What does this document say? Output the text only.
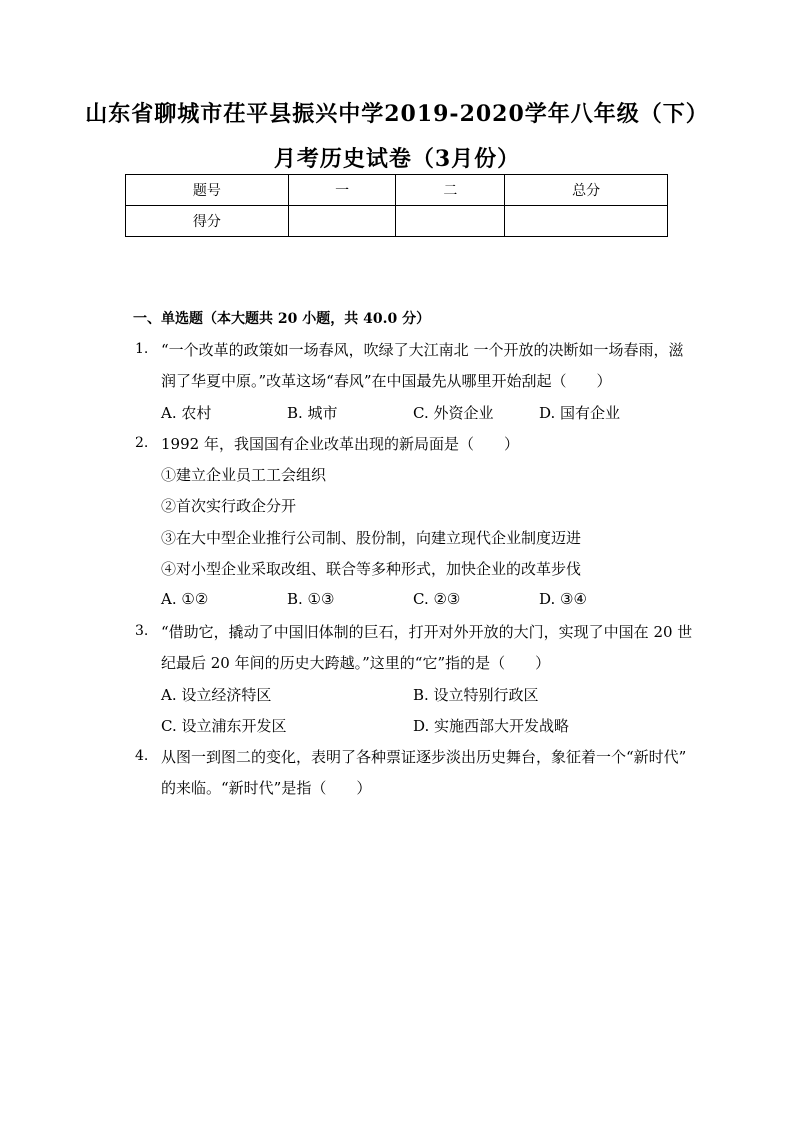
山东省聊城市茌平县振兴中学2019-2020学年八年级（下）
月考历史试卷（3月份）
题号	一	二	总分
得分			
一、单选题（本大题共 20 小题，共 40.0 分）
1. “一个改革的政策如一场春风，吹绿了大江南北 一个开放的决断如一场春雨，滋
润了华夏中原。”改革这场“春风”在中国最先从哪里开始刮起（　　）
A. 农村	B. 城市	C. 外资企业	D. 国有企业
2. 1992 年，我国国有企业改革出现的新局面是（　　）
①建立企业员工工会组织
②首次实行政企分开
③在大中型企业推行公司制、股份制，向建立现代企业制度迈进
④对小型企业采取改组、联合等多种形式，加快企业的改革步伐
A. ①②	B. ①③	C. ②③	D. ③④
3. “借助它，撬动了中国旧体制的巨石，打开对外开放的大门，实现了中国在 20 世
纪最后 20 年间的历史大跨越。”这里的“它”指的是（　　）
A. 设立经济特区	B. 设立特别行政区
C. 设立浦东开发区	D. 实施西部大开发战略
4. 从图一到图二的变化，表明了各种票证逐步淡出历史舞台，象征着一个“新时代”
的来临。“新时代”是指（　　）
